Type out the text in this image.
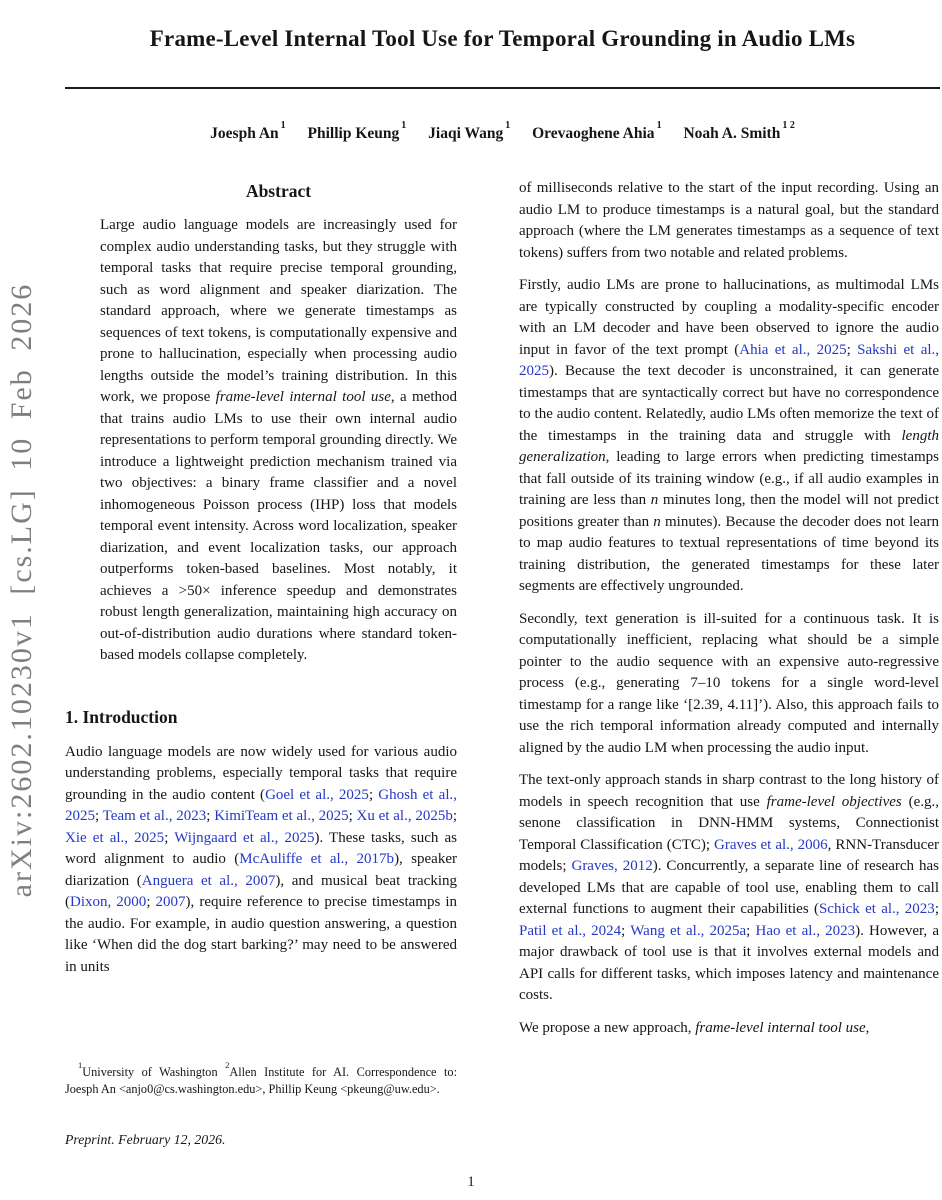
arXiv:2602.10230v1 [cs.LG] 10 Feb 2026
Frame-Level Internal Tool Use for Temporal Grounding in Audio LMs
Joesph An$^1$ Phillip Keung$^1$ Jiaqi Wang$^1$ Orevaoghene Ahia$^1$ Noah A. Smith$^{1 2}$
Abstract
Large audio language models are increasingly used for complex audio understanding tasks, but they struggle with temporal tasks that require precise temporal grounding, such as word alignment and speaker diarization. The standard approach, where we generate timestamps as sequences of text tokens, is computationally expensive and prone to hallucination, especially when processing audio lengths outside the model’s training distribution. In this work, we propose frame-level internal tool use, a method that trains audio LMs to use their own internal audio representations to perform temporal grounding directly. We introduce a lightweight prediction mechanism trained via two objectives: a binary frame classifier and a novel inhomogeneous Poisson process (IHP) loss that models temporal event intensity. Across word localization, speaker diarization, and event localization tasks, our approach outperforms token-based baselines. Most notably, it achieves a >50× inference speedup and demonstrates robust length generalization, maintaining high accuracy on out-of-distribution audio durations where standard token-based models collapse completely.
1. Introduction
Audio language models are now widely used for various audio understanding problems, especially temporal tasks that require grounding in the audio content (Goel et al., 2025; Ghosh et al., 2025; Team et al., 2023; KimiTeam et al., 2025; Xu et al., 2025b; Xie et al., 2025; Wijngaard et al., 2025). These tasks, such as word alignment to audio (McAuliffe et al., 2017b), speaker diarization (Anguera et al., 2007), and musical beat tracking (Dixon, 2000; 2007), require reference to precise timestamps in the audio. For example, in audio question answering, a question like ‘When did the dog start barking?’ may need to be answered in units
of milliseconds relative to the start of the input recording. Using an audio LM to produce timestamps is a natural goal, but the standard approach (where the LM generates timestamps as a sequence of text tokens) suffers from two notable and related problems.
Firstly, audio LMs are prone to hallucinations, as multimodal LMs are typically constructed by coupling a modality-specific encoder with an LM decoder and have been observed to ignore the audio input in favor of the text prompt (Ahia et al., 2025; Sakshi et al., 2025). Because the text decoder is unconstrained, it can generate timestamps that are syntactically correct but have no correspondence to the audio content. Relatedly, audio LMs often memorize the text of the timestamps in the training data and struggle with length generalization, leading to large errors when predicting timestamps that fall outside of its training window (e.g., if all audio examples in training are less than n minutes long, then the model will not predict positions greater than n minutes). Because the decoder does not learn to map audio features to textual representations of time beyond its training distribution, the generated timestamps for these later segments are effectively ungrounded.
Secondly, text generation is ill-suited for a continuous task. It is computationally inefficient, replacing what should be a simple pointer to the audio sequence with an expensive auto-regressive process (e.g., generating 7–10 tokens for a single word-level timestamp for a range like ‘[2.39, 4.11]’). Also, this approach fails to use the rich temporal information already computed and internally aligned by the audio LM when processing the audio input.
The text-only approach stands in sharp contrast to the long history of models in speech recognition that use frame-level objectives (e.g., senone classification in DNN-HMM systems, Connectionist Temporal Classification (CTC); Graves et al., 2006, RNN-Transducer models; Graves, 2012). Concurrently, a separate line of research has developed LMs that are capable of tool use, enabling them to call external functions to augment their capabilities (Schick et al., 2023; Patil et al., 2024; Wang et al., 2025a; Hao et al., 2023). However, a major drawback of tool use is that it involves external models and API calls for different tasks, which imposes latency and maintenance costs.
We propose a new approach, frame-level internal tool use,
$^1$University of Washington $^2$Allen Institute for AI. Correspondence to: Joesph An <anjo0@cs.washington.edu>, Phillip Keung <pkeung@uw.edu>.
Preprint. February 12, 2026.
1
